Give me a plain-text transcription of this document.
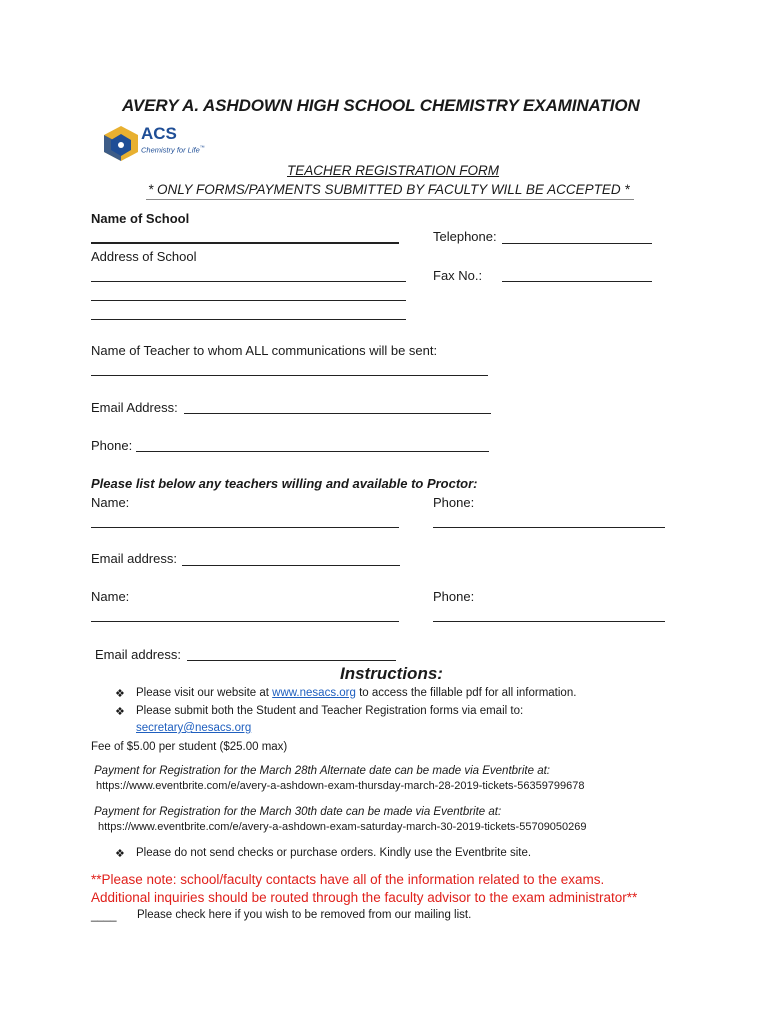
AVERY A. ASHDOWN HIGH SCHOOL CHEMISTRY EXAMINATION
ACS
Chemistry for Life™
TEACHER REGISTRATION FORM
* ONLY FORMS/PAYMENTS SUBMITTED BY FACULTY WILL BE ACCEPTED *
Name of School
Telephone:
Address of School
Fax No.:
Name of Teacher to whom ALL communications will be sent:
Email Address:
Phone:
Please list below any teachers willing and available to Proctor:
Name:	Phone:
Email address:
Name:	Phone:
Email address:
Instructions:
❖ Please visit our website at www.nesacs.org to access the fillable pdf for all information.
❖ Please submit both the Student and Teacher Registration forms via email to:
secretary@nesacs.org
Fee of $5.00 per student ($25.00 max)
Payment for Registration for the March 28th Alternate date can be made via Eventbrite at:
https://www.eventbrite.com/e/avery-a-ashdown-exam-thursday-march-28-2019-tickets-56359799678
Payment for Registration for the March 30th date can be made via Eventbrite at:
https://www.eventbrite.com/e/avery-a-ashdown-exam-saturday-march-30-2019-tickets-55709050269
❖ Please do not send checks or purchase orders. Kindly use the Eventbrite site.
**Please note: school/faculty contacts have all of the information related to the exams.
Additional inquiries should be routed through the faculty advisor to the exam administrator**
____ Please check here if you wish to be removed from our mailing list.
